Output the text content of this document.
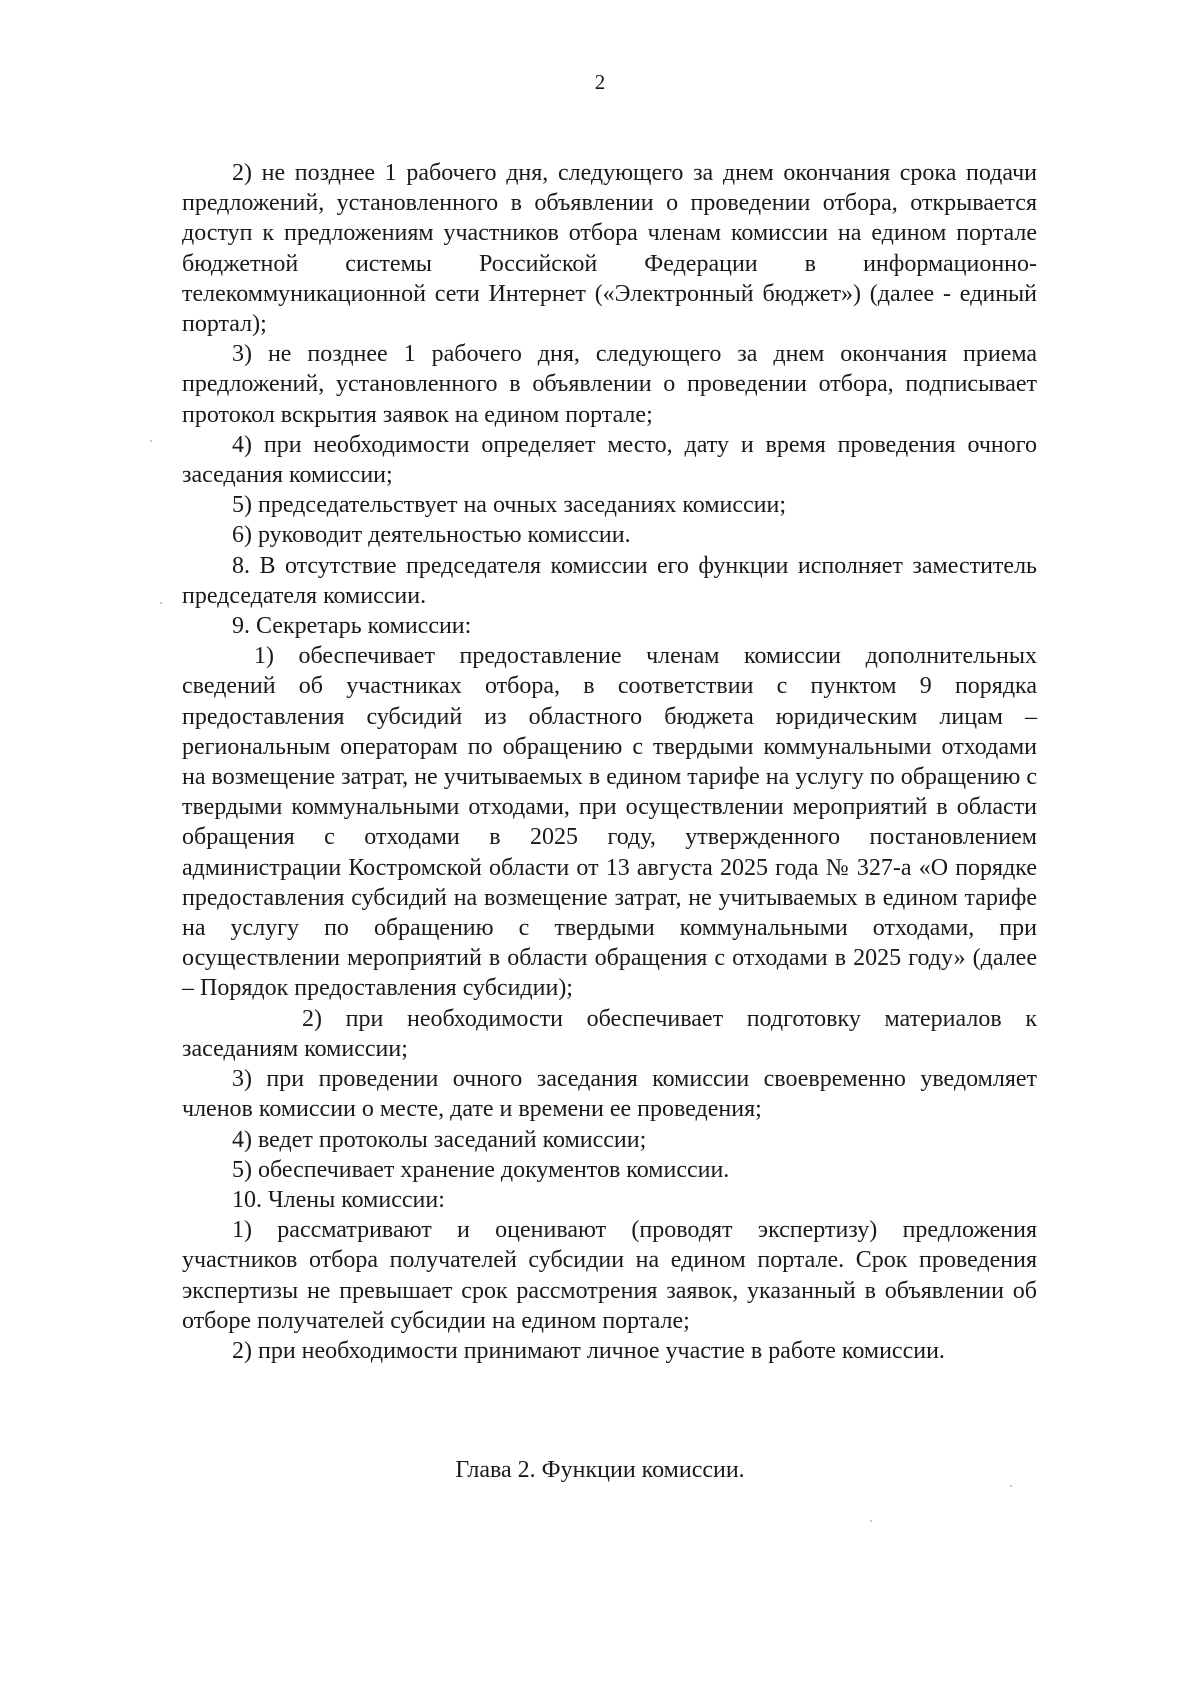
2

2) не позднее 1 рабочего дня, следующего за днем окончания срока подачи предложений, установленного в объявлении о проведении отбора, открывается доступ к предложениям участников отбора членам комиссии на едином портале бюджетной системы Российской Федерации в информационно-телекоммуникационной сети Интернет («Электронный бюджет») (далее - единый портал);

3) не позднее 1 рабочего дня, следующего за днем окончания приема предложений, установленного в объявлении о проведении отбора, подписывает протокол вскрытия заявок на едином портале;

4) при необходимости определяет место, дату и время проведения очного заседания комиссии;

5) председательствует на очных заседаниях комиссии;

6) руководит деятельностью комиссии.

8. В отсутствие председателя комиссии его функции исполняет заместитель председателя комиссии.

9. Секретарь комиссии:

1) обеспечивает предоставление членам комиссии дополнительных сведений об участниках отбора, в соответствии с пунктом 9 порядка предоставления субсидий из областного бюджета юридическим лицам – региональным операторам по обращению с твердыми коммунальными отходами на возмещение затрат, не учитываемых в едином тарифе на услугу по обращению с твердыми коммунальными отходами, при осуществлении мероприятий в области обращения с отходами в 2025 году, утвержденного постановлением администрации Костромской области от 13 августа 2025 года № 327-а «О порядке предоставления субсидий на возмещение затрат, не учитываемых в едином тарифе на услугу по обращению с твердыми коммунальными отходами, при осуществлении мероприятий в области обращения с отходами в 2025 году» (далее – Порядок предоставления субсидии);

2) при необходимости обеспечивает подготовку материалов к заседаниям комиссии;

3) при проведении очного заседания комиссии своевременно уведомляет членов комиссии о месте, дате и времени ее проведения;

4) ведет протоколы заседаний комиссии;

5) обеспечивает хранение документов комиссии.

10. Члены комиссии:

1) рассматривают и оценивают (проводят экспертизу) предложения участников отбора получателей субсидии на едином портале. Срок проведения экспертизы не превышает срок рассмотрения заявок, указанный в объявлении об отборе получателей субсидии на едином портале;

2) при необходимости принимают личное участие в работе комиссии.

Глава 2. Функции комиссии.
